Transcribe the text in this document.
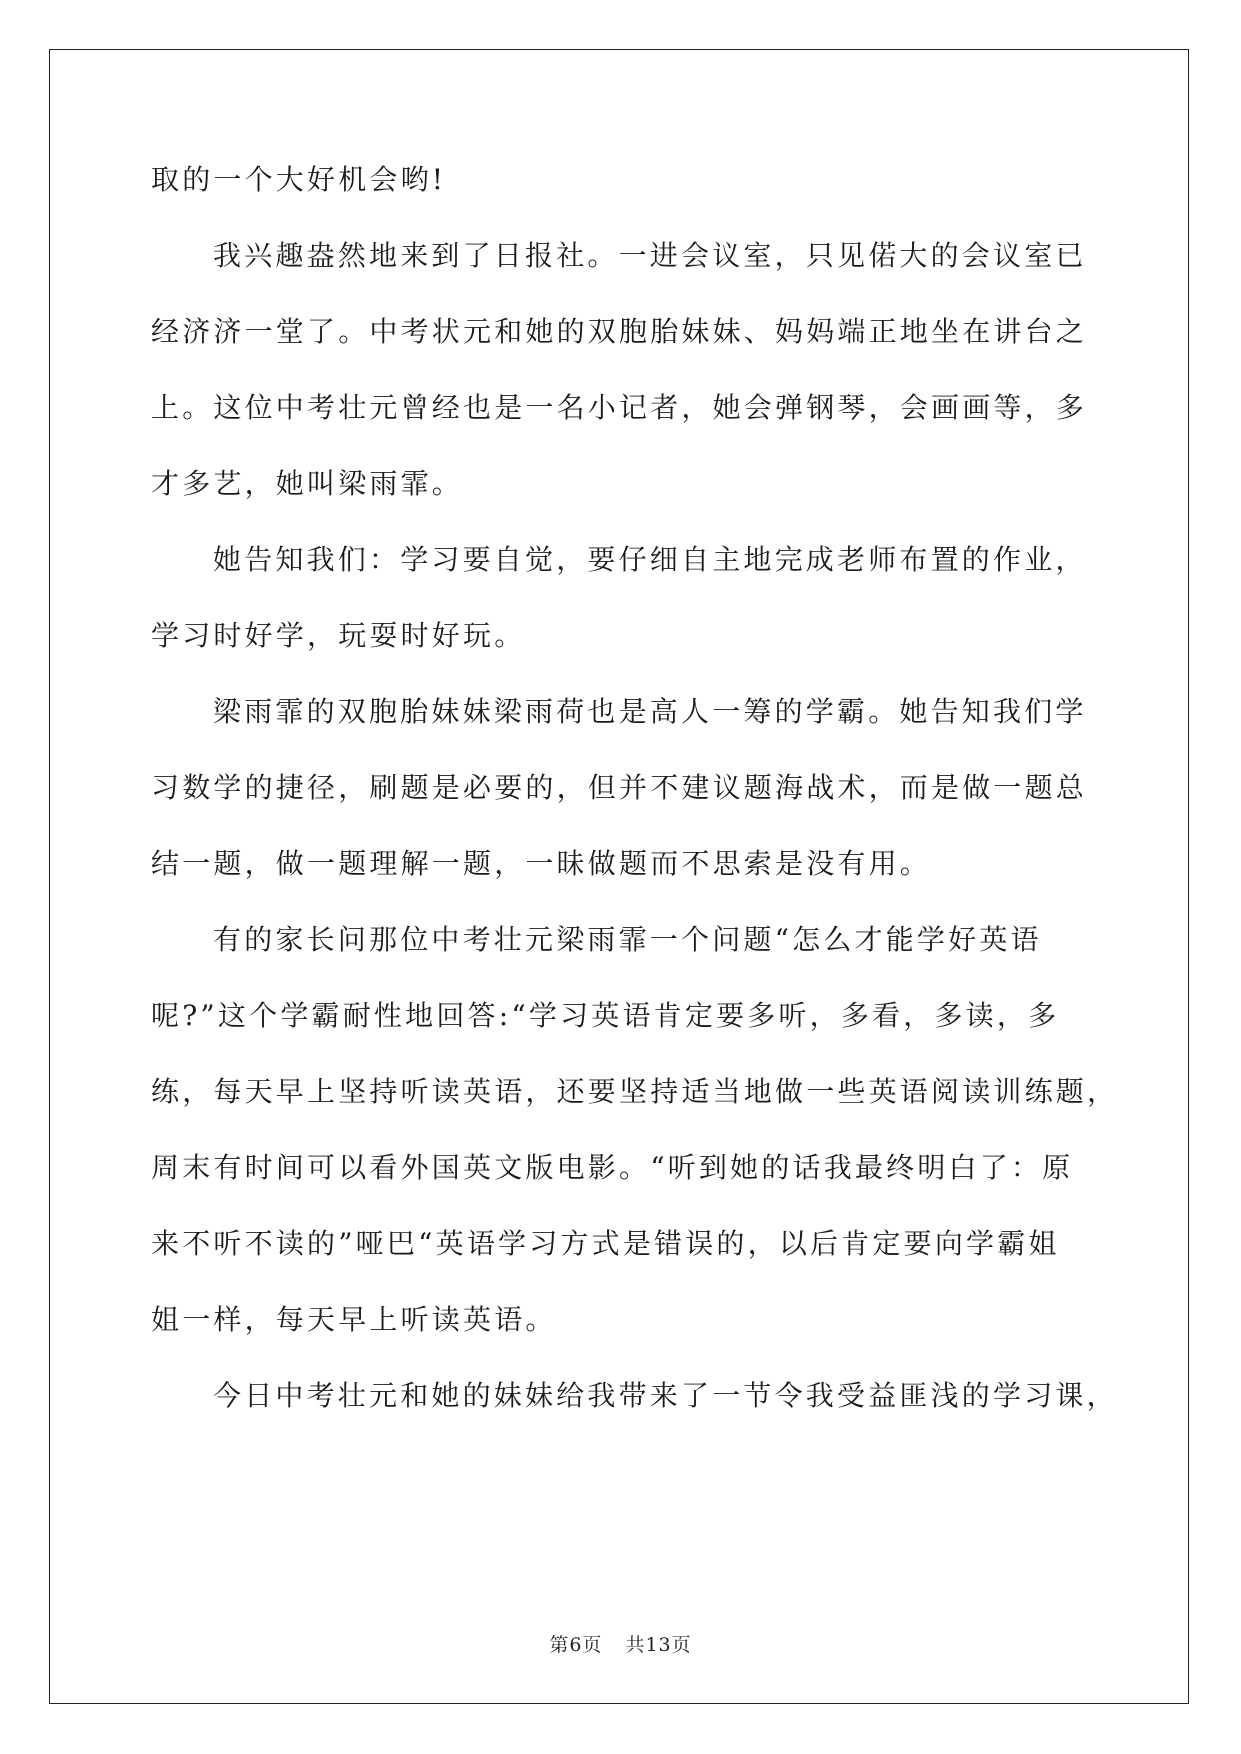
取的一个大好机会哟!
我兴趣盎然地来到了日报社。一进会议室，只见偌大的会议室已
经济济一堂了。中考状元和她的双胞胎妹妹、妈妈端正地坐在讲台之
上。这位中考壮元曾经也是一名小记者，她会弹钢琴，会画画等，多
才多艺，她叫梁雨霏。
她告知我们：学习要自觉，要仔细自主地完成老师布置的作业，
学习时好学，玩耍时好玩。
梁雨霏的双胞胎妹妹梁雨荷也是高人一筹的学霸。她告知我们学
习数学的捷径，刷题是必要的，但并不建议题海战术，而是做一题总
结一题，做一题理解一题，一昧做题而不思索是没有用。
有的家长问那位中考壮元梁雨霏一个问题“怎么才能学好英语
呢?”这个学霸耐性地回答:“学习英语肯定要多听，多看，多读，多
练，每天早上坚持听读英语，还要坚持适当地做一些英语阅读训练题，
周末有时间可以看外国英文版电影。“听到她的话我最终明白了：原
来不听不读的”哑巴“英语学习方式是错误的，以后肯定要向学霸姐
姐一样，每天早上听读英语。
今日中考壮元和她的妹妹给我带来了一节令我受益匪浅的学习课，
第6页 共13页
